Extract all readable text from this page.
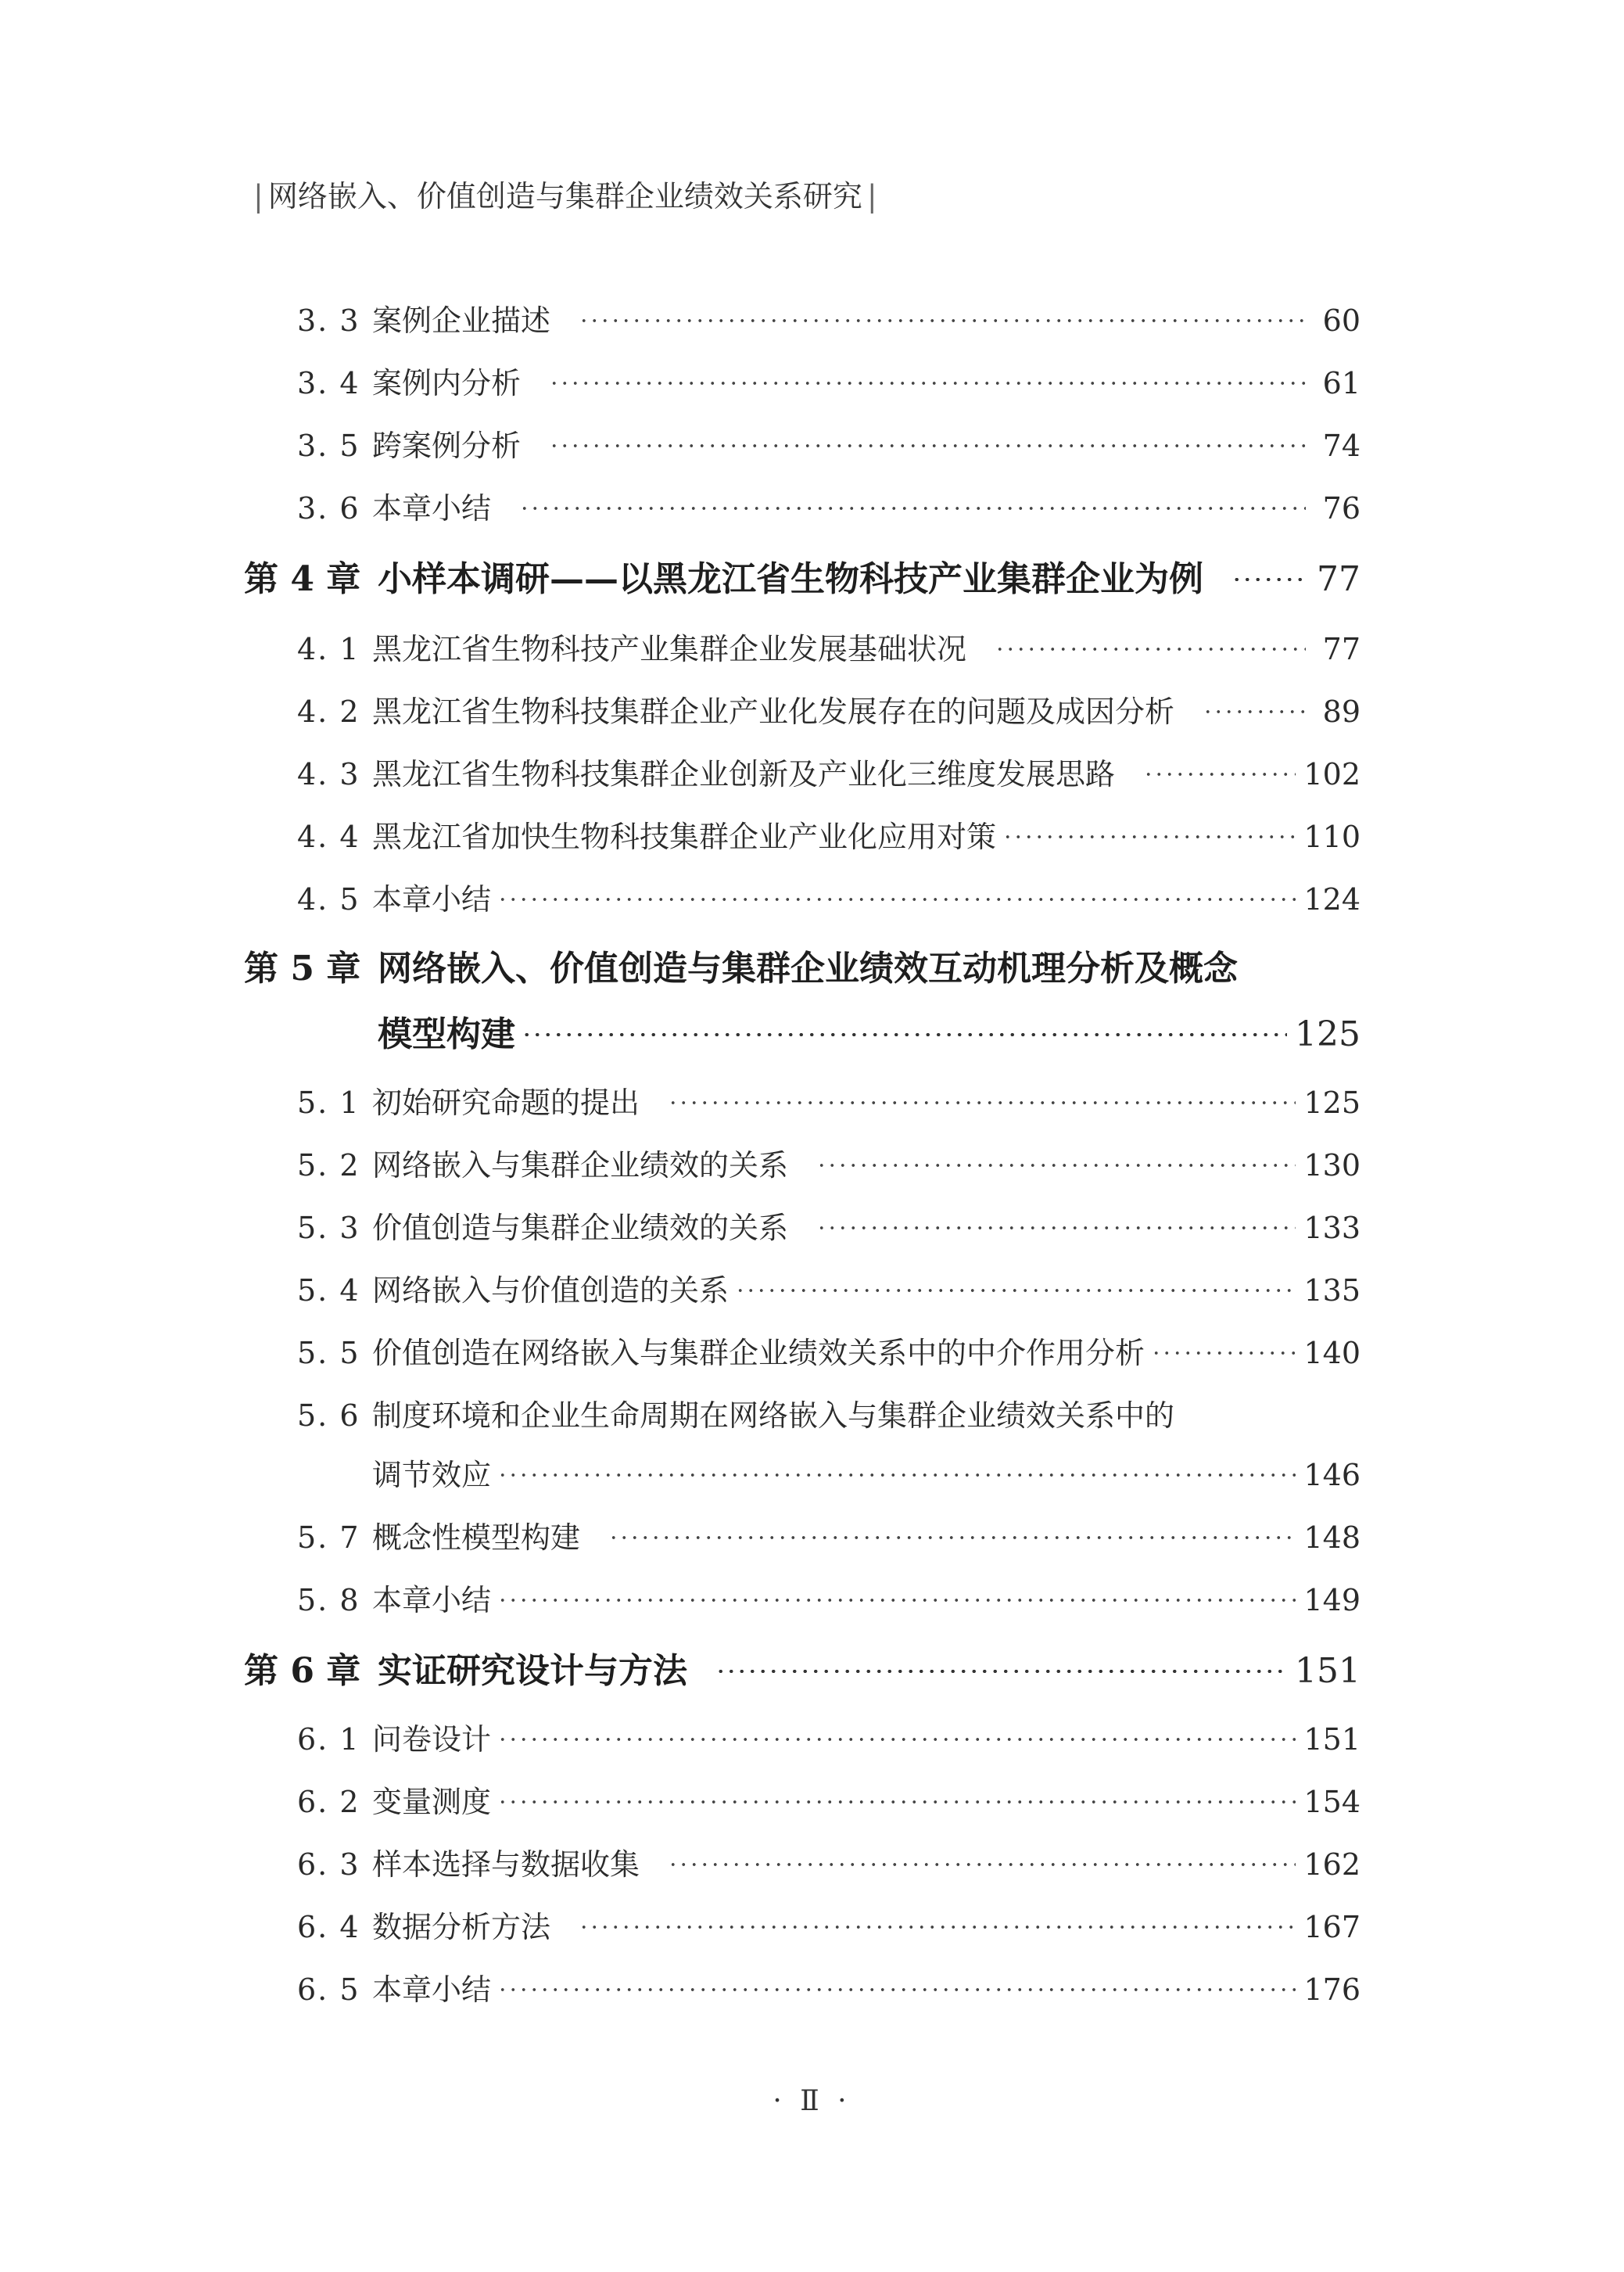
| 网络嵌入、价值创造与集群企业绩效关系研究 |
3. 3 案例企业描述	60
3. 4 案例内分析	61
3. 5 跨案例分析	74
3. 6 本章小结	76
第 4 章 小样本调研——以黑龙江省生物科技产业集群企业为例	77
4. 1 黑龙江省生物科技产业集群企业发展基础状况	77
4. 2 黑龙江省生物科技集群企业产业化发展存在的问题及成因分析	89
4. 3 黑龙江省生物科技集群企业创新及产业化三维度发展思路	102
4. 4 黑龙江省加快生物科技集群企业产业化应用对策	110
4. 5 本章小结	124
第 5 章 网络嵌入、价值创造与集群企业绩效互动机理分析及概念
模型构建	125
5. 1 初始研究命题的提出	125
5. 2 网络嵌入与集群企业绩效的关系	130
5. 3 价值创造与集群企业绩效的关系	133
5. 4 网络嵌入与价值创造的关系	135
5. 5 价值创造在网络嵌入与集群企业绩效关系中的中介作用分析	140
5. 6 制度环境和企业生命周期在网络嵌入与集群企业绩效关系中的
调节效应	146
5. 7 概念性模型构建	148
5. 8 本章小结	149
第 6 章 实证研究设计与方法	151
6. 1 问卷设计	151
6. 2 变量测度	154
6. 3 样本选择与数据收集	162
6. 4 数据分析方法	167
6. 5 本章小结	176
· Ⅱ ·
